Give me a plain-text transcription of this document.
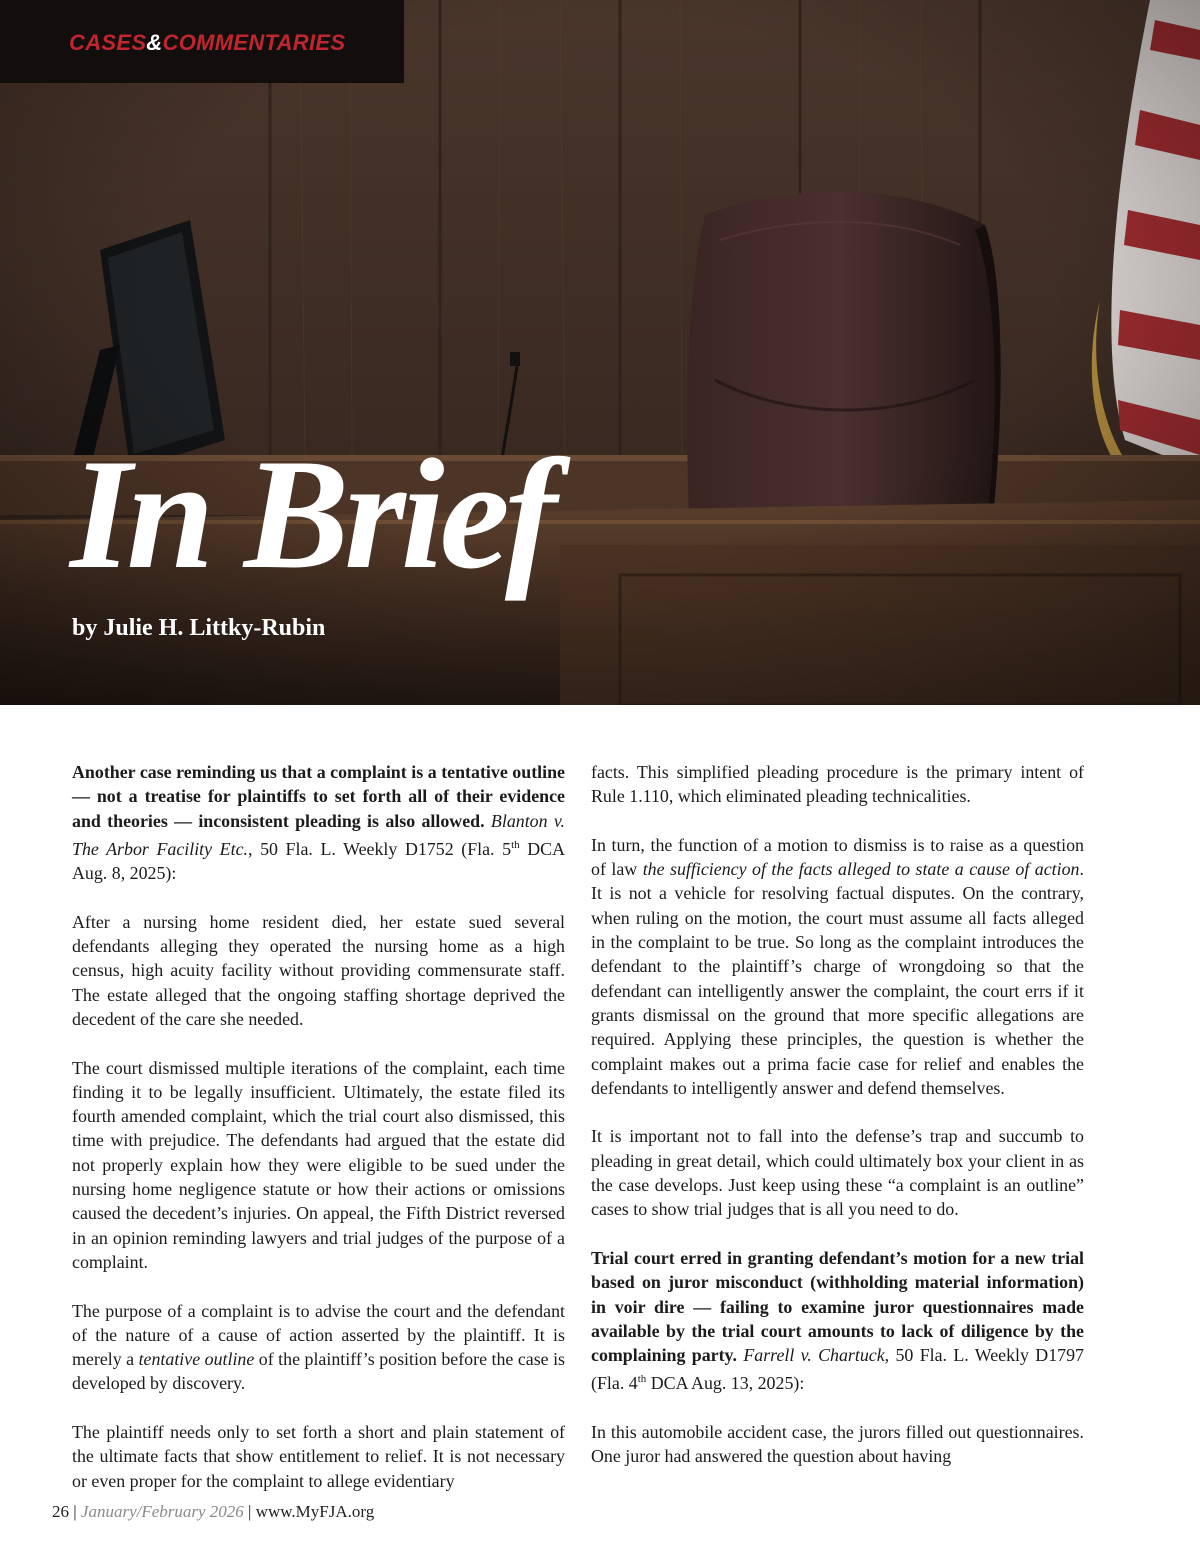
CASES&COMMENTARIES
In Brief
by Julie H. Littky-Rubin

Another case reminding us that a complaint is a tentative outline — not a treatise for plaintiffs to set forth all of their evidence and theories — inconsistent pleading is also allowed. Blanton v. The Arbor Facility Etc., 50 Fla. L. Weekly D1752 (Fla. 5th DCA Aug. 8, 2025):

After a nursing home resident died, her estate sued several defendants alleging they operated the nursing home as a high census, high acuity facility without providing commensurate staff. The estate alleged that the ongoing staffing shortage deprived the decedent of the care she needed.

The court dismissed multiple iterations of the complaint, each time finding it to be legally insufficient. Ultimately, the estate filed its fourth amended complaint, which the trial court also dismissed, this time with prejudice. The defendants had argued that the estate did not properly explain how they were eligible to be sued under the nursing home negligence statute or how their actions or omissions caused the decedent’s injuries. On appeal, the Fifth District reversed in an opinion reminding lawyers and trial judges of the purpose of a complaint.

The purpose of a complaint is to advise the court and the defendant of the nature of a cause of action asserted by the plaintiff. It is merely a tentative outline of the plaintiff’s position before the case is developed by discovery.

The plaintiff needs only to set forth a short and plain statement of the ultimate facts that show entitlement to relief. It is not necessary or even proper for the complaint to allege evidentiary

facts. This simplified pleading procedure is the primary intent of Rule 1.110, which eliminated pleading technicalities.

In turn, the function of a motion to dismiss is to raise as a question of law the sufficiency of the facts alleged to state a cause of action. It is not a vehicle for resolving factual disputes. On the contrary, when ruling on the motion, the court must assume all facts alleged in the complaint to be true. So long as the complaint introduces the defendant to the plaintiff’s charge of wrongdoing so that the defendant can intelligently answer the complaint, the court errs if it grants dismissal on the ground that more specific allegations are required. Applying these principles, the question is whether the complaint makes out a prima facie case for relief and enables the defendants to intelligently answer and defend themselves.

It is important not to fall into the defense’s trap and succumb to pleading in great detail, which could ultimately box your client in as the case develops. Just keep using these “a complaint is an outline” cases to show trial judges that is all you need to do.

Trial court erred in granting defendant’s motion for a new trial based on juror misconduct (withholding material information) in voir dire — failing to examine juror questionnaires made available by the trial court amounts to lack of diligence by the complaining party. Farrell v. Chartuck, 50 Fla. L. Weekly D1797 (Fla. 4th DCA Aug. 13, 2025):

In this automobile accident case, the jurors filled out questionnaires. One juror had answered the question about having

26 | January/February 2026 | www.MyFJA.org
